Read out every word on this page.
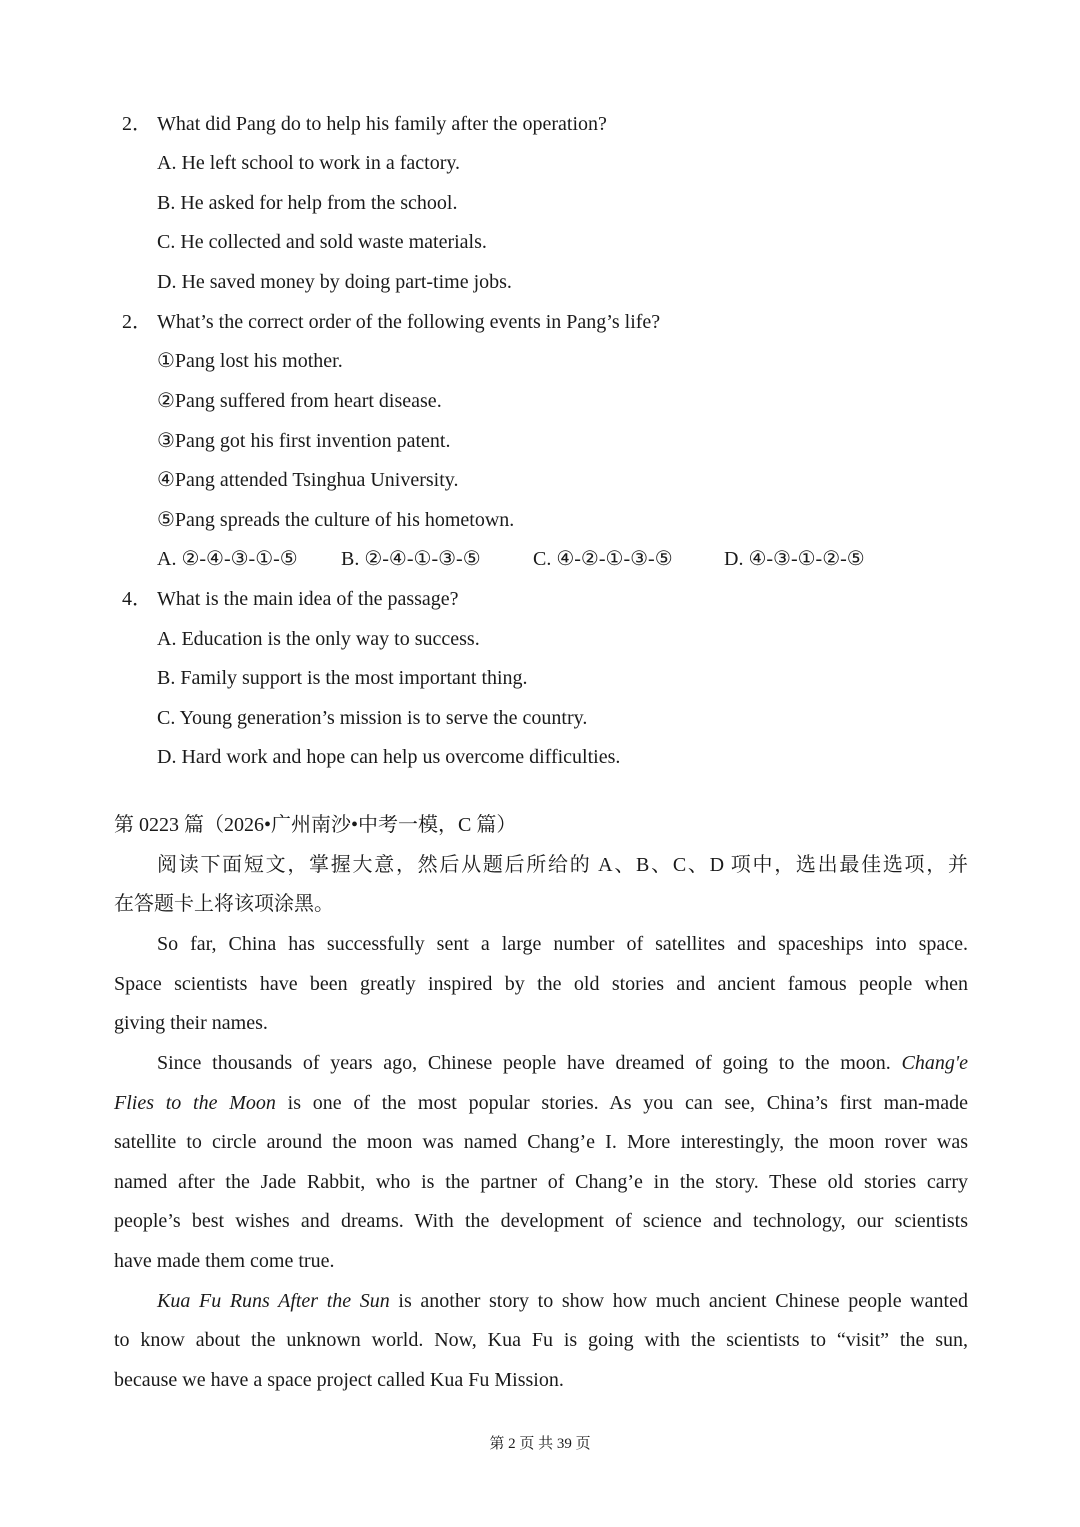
2． What did Pang do to help his family after the operation?
A. He left school to work in a factory.
B. He asked for help from the school.
C. He collected and sold waste materials.
D. He saved money by doing part-time jobs.
2． What’s the correct order of the following events in Pang’s life?
①Pang lost his mother.
②Pang suffered from heart disease.
③Pang got his first invention patent.
④Pang attended Tsinghua University.
⑤Pang spreads the culture of his hometown.
A. ②-④-③-①-⑤ B. ②-④-①-③-⑤	C. ④-②-①-③-⑤	D. ④-③-①-②-⑤
4． What is the main idea of the passage?
A. Education is the only way to success.
B. Family support is the most important thing.
C. Young generation’s mission is to serve the country.
D. Hard work and hope can help us overcome difficulties.
第 0223 篇（2026•广州南沙•中考一模，C 篇）
阅读下面短文，掌握大意，然后从题后所给的 A、B、C、D 项中，选出最佳选项，并
在答题卡上将该项涂黑。
So far, China has successfully sent a large number of satellites and spaceships into space.
Space scientists have been greatly inspired by the old stories and ancient famous people when
giving their names.
Since thousands of years ago, Chinese people have dreamed of going to the moon. Chang'e
Flies to the Moon is one of the most popular stories. As you can see, China’s first man-made
satellite to circle around the moon was named Chang’e I. More interestingly, the moon rover was
named after the Jade Rabbit, who is the partner of Chang’e in the story. These old stories carry
people’s best wishes and dreams. With the development of science and technology, our scientists
have made them come true.
Kua Fu Runs After the Sun is another story to show how much ancient Chinese people wanted
to know about the unknown world. Now, Kua Fu is going with the scientists to “visit” the sun,
because we have a space project called Kua Fu Mission.
第 2 页 共 39 页
